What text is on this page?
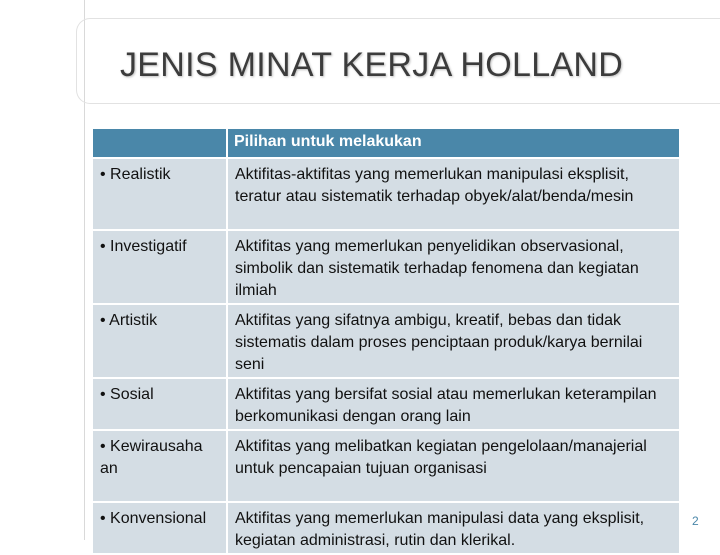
JENIS MINAT KERJA HOLLAND
	Pilihan untuk melakukan
• Realistik	Aktifitas-aktifitas yang memerlukan manipulasi eksplisit, teratur atau sistematik terhadap obyek/alat/benda/mesin
• Investigatif	Aktifitas yang memerlukan penyelidikan observasional, simbolik dan sistematik terhadap fenomena dan kegiatan ilmiah
• Artistik	Aktifitas yang sifatnya ambigu, kreatif, bebas dan tidak sistematis dalam proses penciptaan produk/karya bernilai seni
• Sosial	Aktifitas yang bersifat sosial atau memerlukan keterampilan berkomunikasi dengan orang lain
• Kewirausaha an	Aktifitas yang melibatkan kegiatan pengelolaan/manajerial untuk pencapaian tujuan organisasi
• Konvensional	Aktifitas yang memerlukan manipulasi data yang eksplisit, kegiatan administrasi, rutin dan klerikal.
2
